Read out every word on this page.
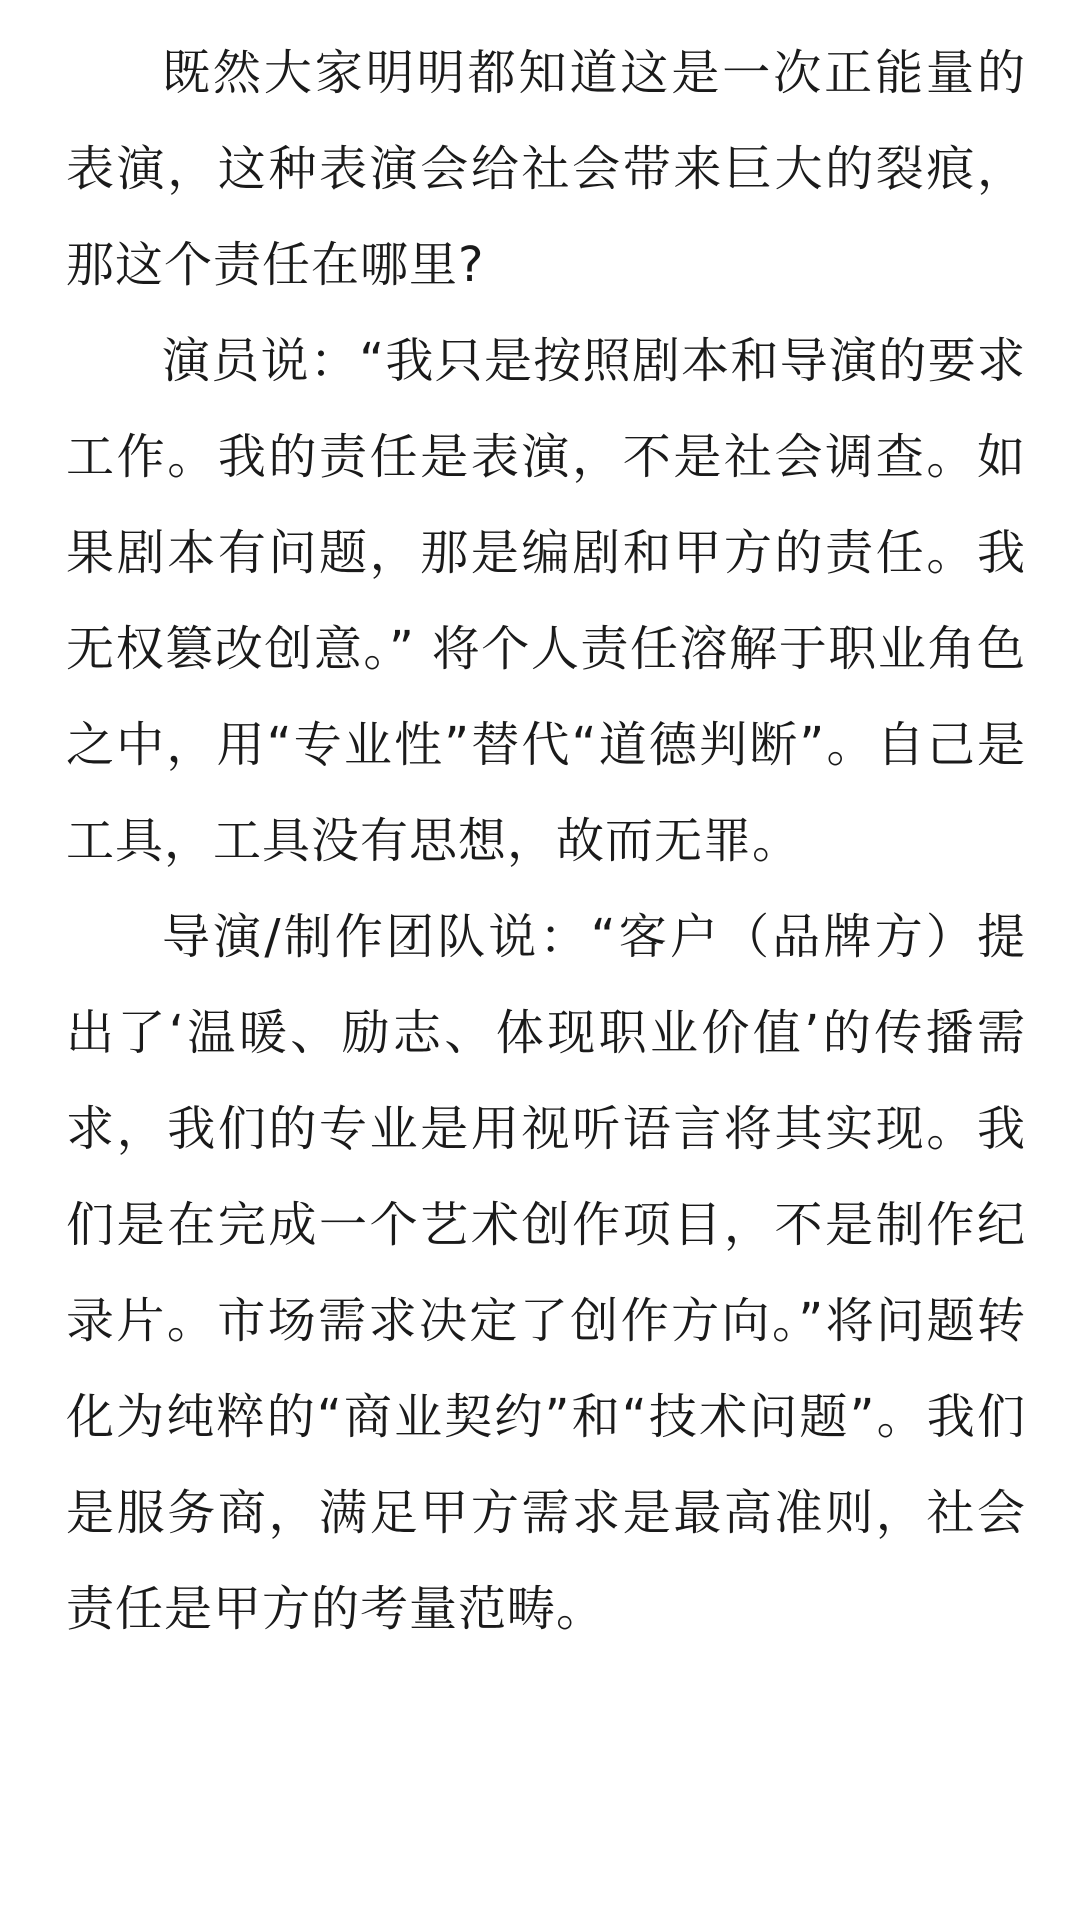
既然大家明明都知道这是一次正能量的表演，这种表演会给社会带来巨大的裂痕，那这个责任在哪里?

演员说：“我只是按照剧本和导演的要求工作。我的责任是表演，不是社会调查。如果剧本有问题，那是编剧和甲方的责任。我无权篡改创意。” 将个人责任溶解于职业角色之中，用“专业性”替代“道德判断”。自己是工具，工具没有思想，故而无罪。

导演/制作团队说：“客户（品牌方）提出了‘温暖、励志、体现职业价值’的传播需求，我们的专业是用视听语言将其实现。我们是在完成一个艺术创作项目，不是制作纪录片。市场需求决定了创作方向。”将问题转化为纯粹的“商业契约”和“技术问题”。我们是服务商，满足甲方需求是最高准则，社会责任是甲方的考量范畴。
